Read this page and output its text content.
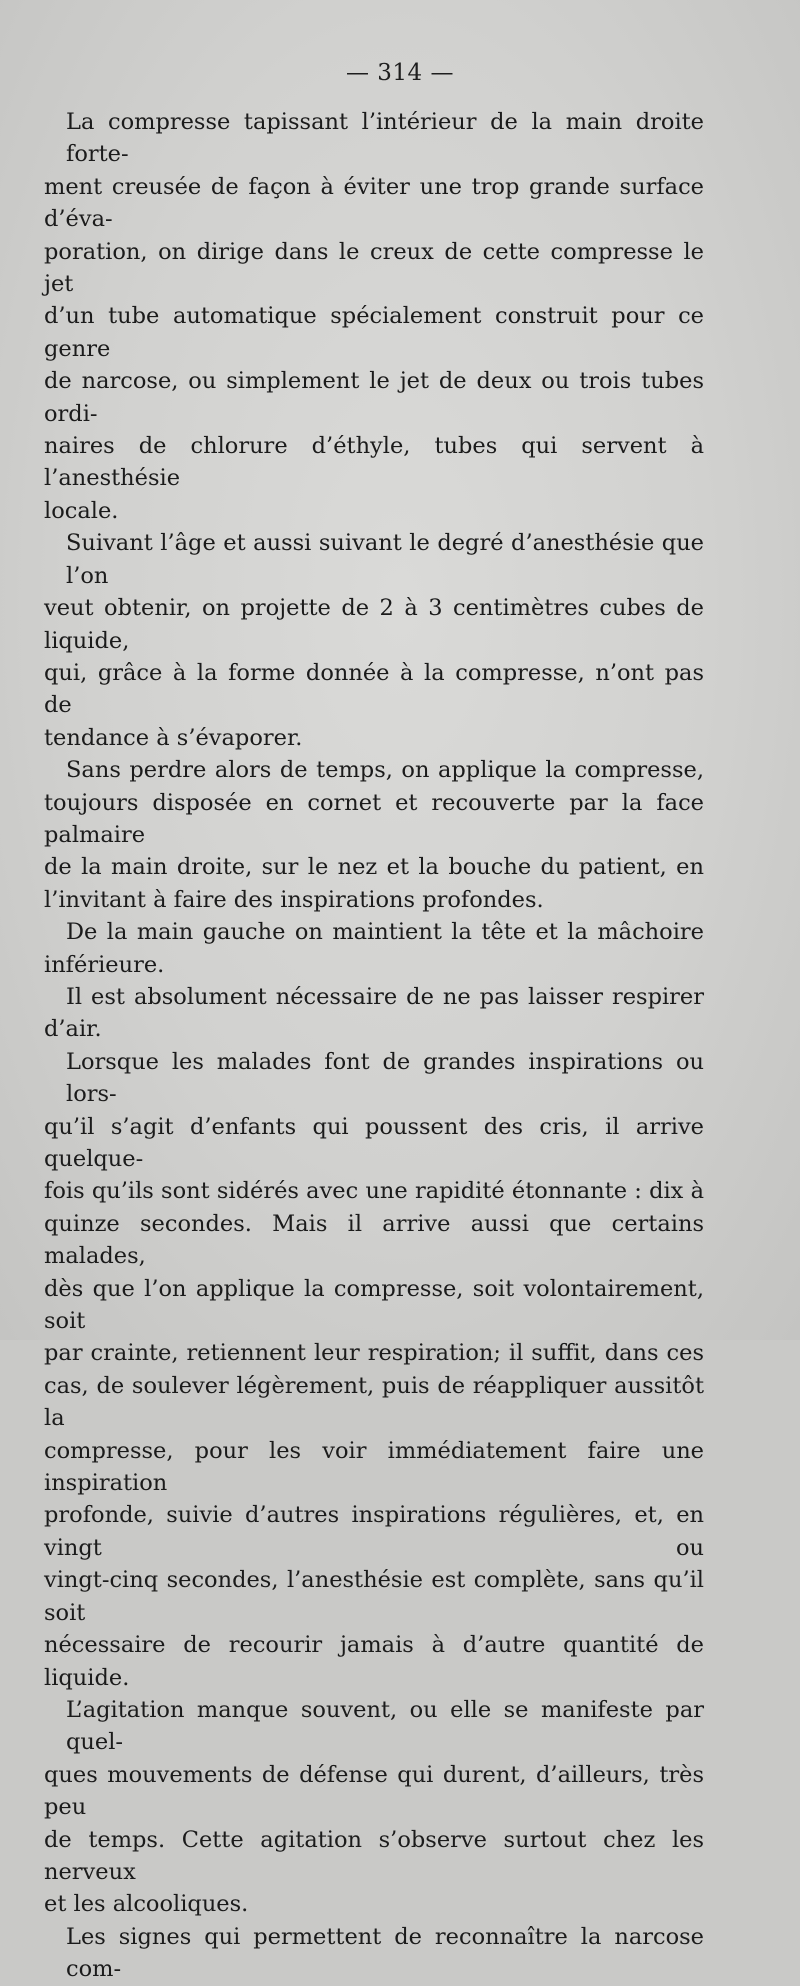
— 314 —

La compresse tapissant l’intérieur de la main droite forte-
ment creusée de façon à éviter une trop grande surface d’éva-
poration, on dirige dans le creux de cette compresse le jet
d’un tube automatique spécialement construit pour ce genre
de narcose, ou simplement le jet de deux ou trois tubes ordi-
naires de chlorure d’éthyle, tubes qui servent à l’anesthésie
locale.

Suivant l’âge et aussi suivant le degré d’anesthésie que l’on
veut obtenir, on projette de 2 à 3 centimètres cubes de liquide,
qui, grâce à la forme donnée à la compresse, n’ont pas de
tendance à s’évaporer.

Sans perdre alors de temps, on applique la compresse,
toujours disposée en cornet et recouverte par la face palmaire
de la main droite, sur le nez et la bouche du patient, en
l’invitant à faire des inspirations profondes.

De la main gauche on maintient la tête et la mâchoire
inférieure.

Il est absolument nécessaire de ne pas laisser respirer
d’air.

Lorsque les malades font de grandes inspirations ou lors-
qu’il s’agit d’enfants qui poussent des cris, il arrive quelque-
fois qu’ils sont sidérés avec une rapidité étonnante : dix à
quinze secondes. Mais il arrive aussi que certains malades,
dès que l’on applique la compresse, soit volontairement, soit
par crainte, retiennent leur respiration; il suffit, dans ces
cas, de soulever légèrement, puis de réappliquer aussitôt la
compresse, pour les voir immédiatement faire une inspiration
profonde, suivie d’autres inspirations régulières, et, en vingt ou
vingt-cinq secondes, l’anesthésie est complète, sans qu’il soit
nécessaire de recourir jamais à d’autre quantité de liquide.

L’agitation manque souvent, ou elle se manifeste par quel-
ques mouvements de défense qui durent, d’ailleurs, très peu
de temps. Cette agitation s’observe surtout chez les nerveux
et les alcooliques.

Les signes qui permettent de reconnaître la narcose com-
